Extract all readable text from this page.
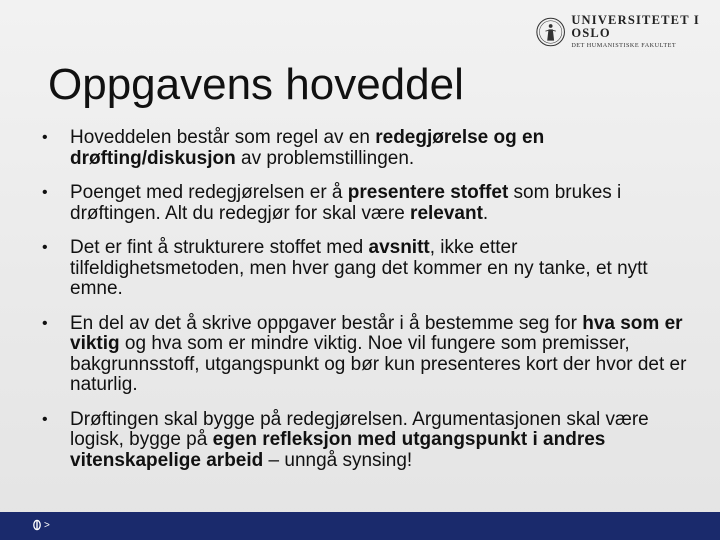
UNIVERSITETET I OSLO
DET HUMANISTISKE FAKULTET
Oppgavens hoveddel
• Hoveddelen består som regel av en redegjørelse og en drøfting/diskusjon av problemstillingen.
• Poenget med redegjørelsen er å presentere stoffet som brukes i drøftingen. Alt du redegjør for skal være relevant.
• Det er fint å strukturere stoffet med avsnitt, ikke etter tilfeldighetsmetoden, men hver gang det kommer en ny tanke, et nytt emne.
• En del av det å skrive oppgaver består i å bestemme seg for hva som er viktig og hva som er mindre viktig. Noe vil fungere som premisser, bakgrunnsstoff, utgangspunkt og bør kun presenteres kort der hvor det er naturlig.
• Drøftingen skal bygge på redegjørelsen. Argumentasjonen skal være logisk, bygge på egen refleksjon med utgangspunkt i andres vitenskapelige arbeid – unngå synsing!
>
